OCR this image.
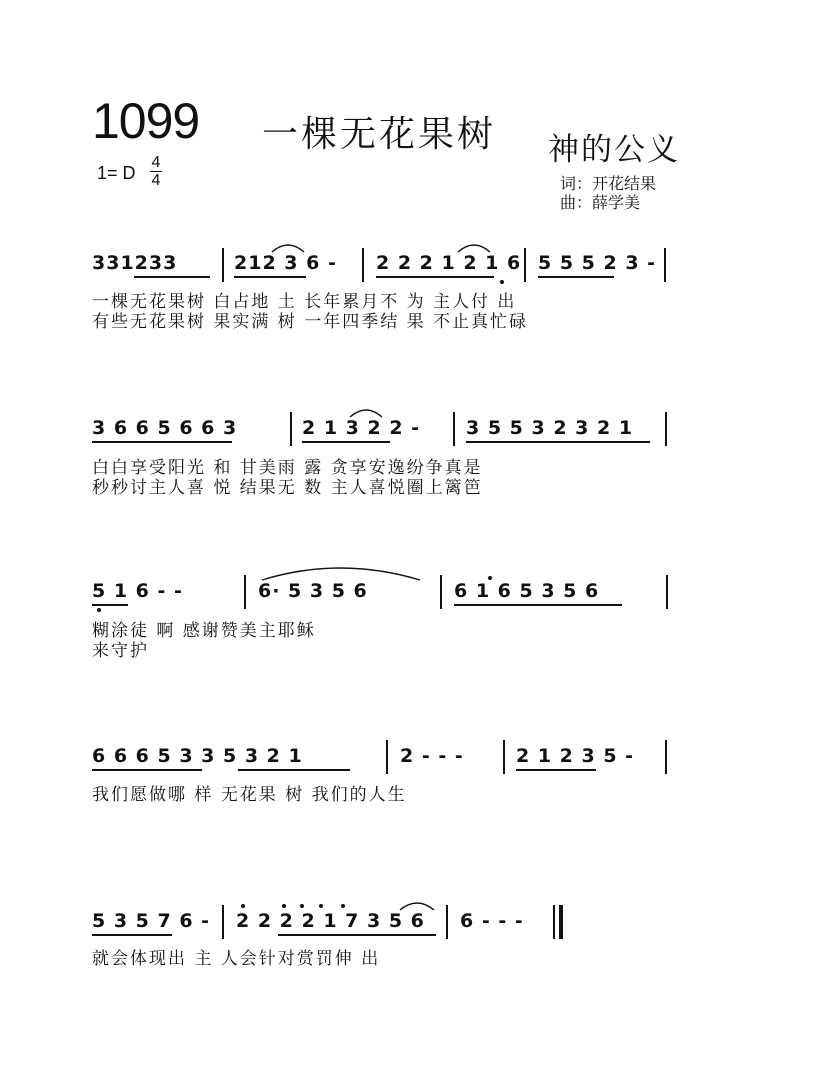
1099 一棵无花果树 神的公义
词：开花结果
曲：薛学美
1= D
4
4
331233	212 3 6 - 2 2 2 1 2 1 6 5 5 5 2 3 -
一棵无花果树 白占地 土 长年累月不 为 主人付 出
有些无花果树 果实满 树 一年四季结 果 不止真忙碌
3 6 6 5 6 6 3	2 1 3 2 2 - 3 5 5 3 2 3 2 1
白白享受阳光 和 甘美雨 露 贪享安逸纷争真是
秒秒讨主人喜 悦 结果无 数 主人喜悦圈上篱笆
5 1 6 - -	6· 5 3 5 6	6 1 6 5 3 5 6
糊涂徒 啊 感谢赞美主耶稣
来守护
6 6 6 5 3 3 5 3 2 1	2 - - -	2 1 2 3 5 -
我们愿做哪 样 无花果 树 我们的人生
5 3 5 7 6 - 2 2 2 2 1 7 3 5 6 6 - - -
就会体现出 主 人会针对赏罚伸 出
